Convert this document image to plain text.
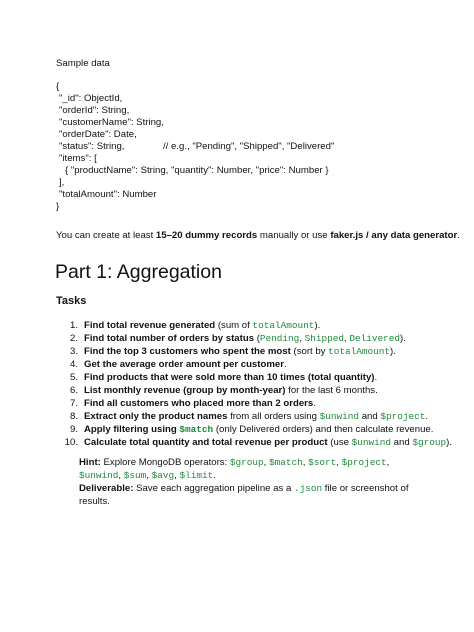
Sample data
{
"_id": ObjectId,
"orderId": String,
"customerName": String,
"orderDate": Date,
"status": String,	// e.g., "Pending", "Shipped", "Delivered"
"items": [
{ "productName": String, "quantity": Number, "price": Number }
],
"totalAmount": Number
}
You can create at least 15–20 dummy records manually or use faker.js / any data generator.
Part 1: Aggregation
Tasks
1. Find total revenue generated (sum of totalAmount).
2. Find total number of orders by status (Pending, Shipped, Delivered).
3. Find the top 3 customers who spent the most (sort by totalAmount).
4. Get the average order amount per customer.
5. Find products that were sold more than 10 times (total quantity).
6. List monthly revenue (group by month-year) for the last 6 months.
7. Find all customers who placed more than 2 orders.
8. Extract only the product names from all orders using $unwind and $project.
9. Apply filtering using $match (only Delivered orders) and then calculate revenue.
10. Calculate total quantity and total revenue per product (use $unwind and $group).
Hint: Explore MongoDB operators: $group, $match, $sort, $project,
$unwind, $sum, $avg, $limit.
Deliverable: Save each aggregation pipeline as a .json file or screenshot of
results.
